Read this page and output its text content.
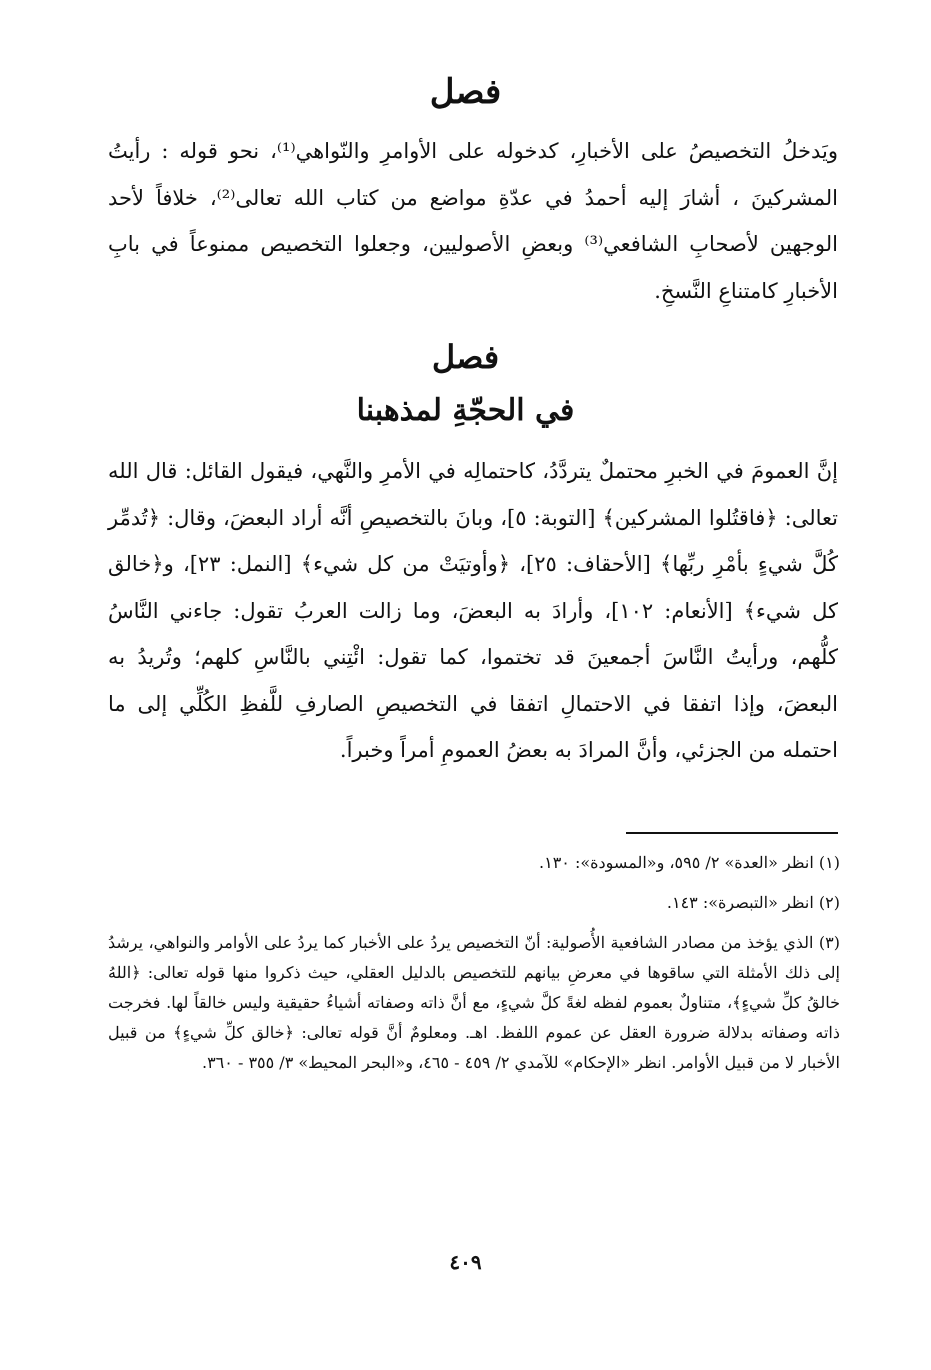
فصل

ويَدخلُ التخصيصُ على الأخبارِ، كدخوله على الأوامرِ والنّواهي⁽¹⁾، نحو قوله : رأيتُ المشركينَ ، أشارَ إليه أحمدُ في عدّةِ مواضع من كتاب الله تعالى⁽²⁾، خلافاً لأحد الوجهين لأصحابِ الشافعي⁽³⁾ وبعضِ الأصوليين، وجعلوا التخصيص ممنوعاً في بابِ الأخبارِ كامتناعِ النَّسخِ.

فصل
في الحجّةِ لمذهبنا

إنَّ العمومَ في الخبرِ محتملٌ يتردَّدُ، كاحتمالِه في الأمرِ والنَّهي، فيقول القائل: قال الله تعالى: ﴿فاقتُلوا المشركين﴾ [التوبة: ٥]، وبانَ بالتخصيصِ أنَّه أراد البعضَ، وقال: ﴿تُدمِّر كُلَّ شيءٍ بأمْرِ ربِّها﴾ [الأحقاف: ٢٥]، ﴿وأوتيَتْ من كل شيء﴾ [النمل: ٢٣]، و﴿خالق كل شيء﴾ [الأنعام: ١٠٢]، وأرادَ به البعضَ، وما زالت العربُ تقول: جاءني النَّاسُ كلُّهم، ورأيتُ النَّاسَ أجمعينَ قد تختموا، كما تقول: ائْتِني بالنَّاسِ كلهم؛ وتُريدُ به البعضَ، وإذا اتفقا في الاحتمالِ اتفقا في التخصيصِ الصارفِ للَّفظِ الكُلِّي إلى ما احتمله من الجزئي، وأنَّ المرادَ به بعضُ العمومِ أمراً وخبراً.

(١) انظر «العدة» ٢/ ٥٩٥، و«المسودة»: ١٣٠.
(٢) انظر «التبصرة»: ١٤٣.
(٣) الذي يؤخذ من مصادر الشافعية الأُصولية: أنّ التخصيص يردُ على الأخبار كما يردُ على الأوامر والنواهي، يرشدُ إلى ذلك الأمثلة التي ساقوها في معرضِ بيانهم للتخصيص بالدليل العقلي، حيث ذكروا منها قوله تعالى: ﴿اللهُ خالقُ كلِّ شيءٍ﴾، متناولٌ بعموم لفظه لغةً كلَّ شيءٍ، مع أنَّ ذاته وصفاته أشياءُ حقيقية وليس خالقاً لها. فخرجت ذاته وصفاته بدلالة ضرورة العقل عن عموم اللفظ. اهـ. ومعلومٌ أنَّ قوله تعالى: ﴿خالق كلِّ شيءٍ﴾ من قبيل الأخبار لا من قبيل الأوامر. انظر «الإحكام» للآمدي ٢/ ٤٥٩ - ٤٦٥، و«البحر المحيط» ٣/ ٣٥٥ - ٣٦٠.
٤٠٩
